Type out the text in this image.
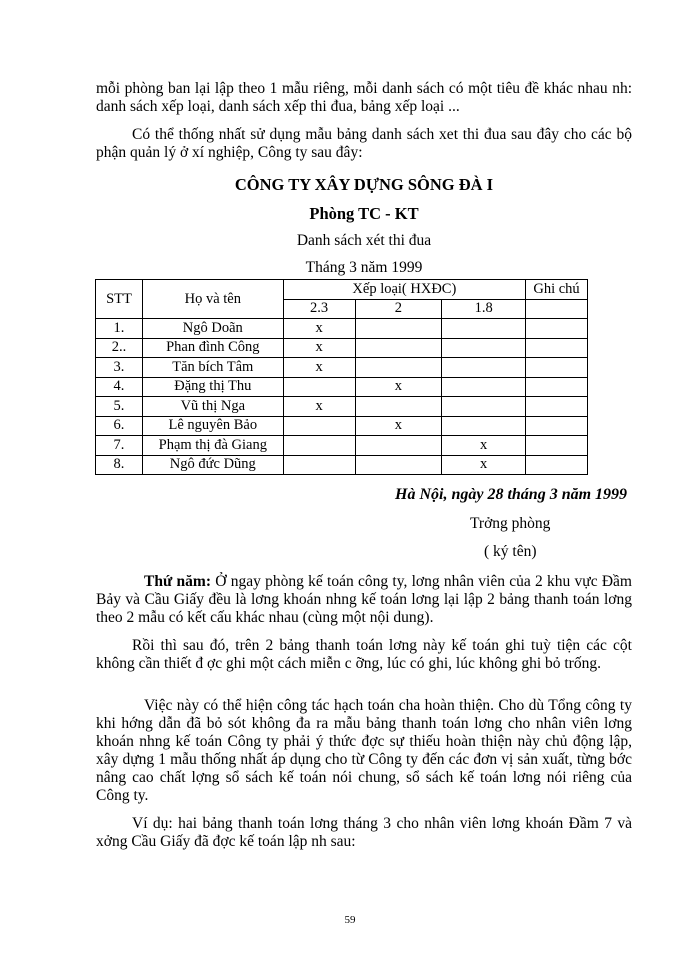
mỗi phòng ban lại lập theo 1 mẫu riêng, mỗi danh sách có một tiêu đề khác nhau nh: danh sách xếp loại, danh sách xếp thi đua, bảng xếp loại ...

Có thể thống nhất sử dụng mẫu bảng danh sách xet thi đua sau đây cho các bộ phận quản lý ở xí nghiệp, Công ty sau đây:

CÔNG TY XÂY DỰNG SÔNG ĐÀ I

Phòng TC - KT

Danh sách xét thi đua

Tháng 3 năm 1999

STT	Họ và tên	Xếp loại( HXĐC)			Ghi chú
		2.3	2	1.8	
1.	Ngô Doãn	x			
2..	Phan đình Công	x			
3.	Tăn bích Tâm	x			
4.	Đặng thị Thu		x		
5.	Vũ thị Nga	x			
6.	Lê nguyên Bảo		x		
7.	Phạm thị đà Giang			x	
8.	Ngô đức Dũng			x	
Hà Nội, ngày 28 tháng 3 năm 1999
Trởng phòng
( ký tên)

Thứ năm: Ở ngay phòng kế toán công ty, lơng nhân viên của 2 khu vực Đầm Bảy và Cầu Giấy đều là lơng khoán nhng kế toán lơng lại lập 2 bảng thanh toán lơng theo 2 mẫu có kết cấu khác nhau (cùng một nội dung).

Rồi thì sau đó, trên 2 bảng thanh toán lơng này kế toán ghi tuỳ tiện các cột không cần thiết đ ợc ghi một cách miễn c ỡng, lúc có ghi, lúc không ghi bỏ trống.

Việc này có thể hiện công tác hạch toán cha hoàn thiện. Cho dù Tổng công ty khi hớng dẫn đã bỏ sót không đa ra mẫu bảng thanh toán lơng cho nhân viên lơng khoán nhng kế toán Công ty phải ý thức đợc sự thiếu hoàn thiện này chủ động lập, xây dựng 1 mẫu thống nhất áp dụng cho từ Công ty đến các đơn vị sản xuất, từng bớc nâng cao chất lợng sổ sách kế toán nói chung, sổ sách kế toán lơng nói riêng của Công ty.

Ví dụ: hai bảng thanh toán lơng tháng 3 cho nhân viên lơng khoán Đầm 7 và xởng Cầu Giấy đã đợc kế toán lập nh sau:

59
